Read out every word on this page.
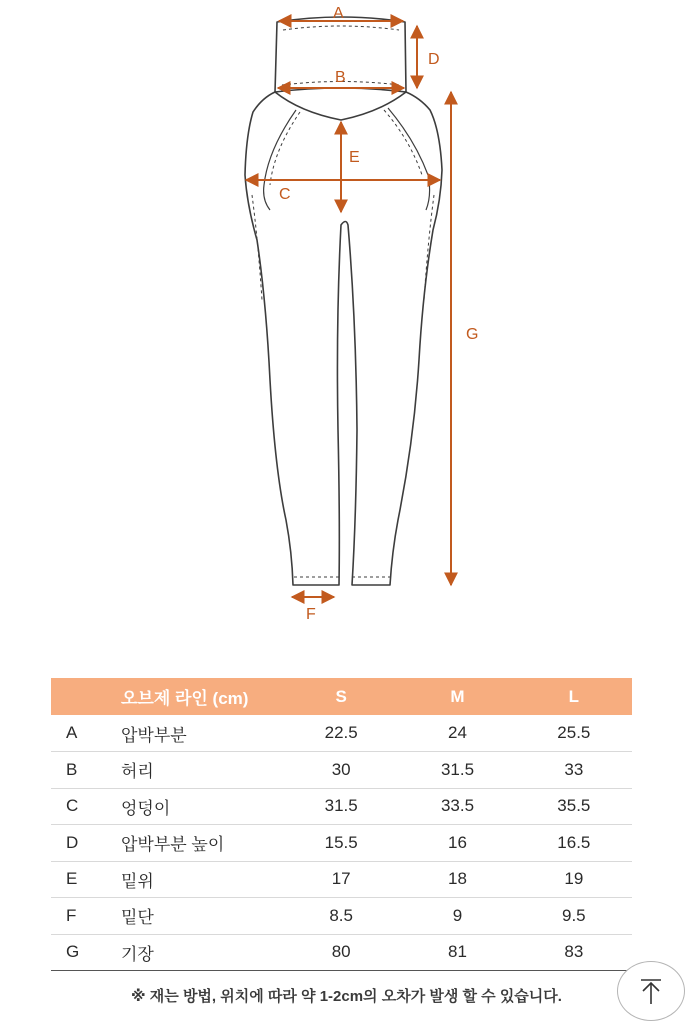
A
B
C
D
E
F
G
	오브제 라인 (cm)	S	M	L
A	압박부분	22.5	24	25.5
B	허리	30	31.5	33
C	엉덩이	31.5	33.5	35.5
D	압박부분 높이	15.5	16	16.5
E	밑위	17	18	19
F	밑단	8.5	9	9.5
G	기장	80	81	83
※ 재는 방법, 위치에 따라 약 1-2cm의 오차가 발생 할 수 있습니다.
